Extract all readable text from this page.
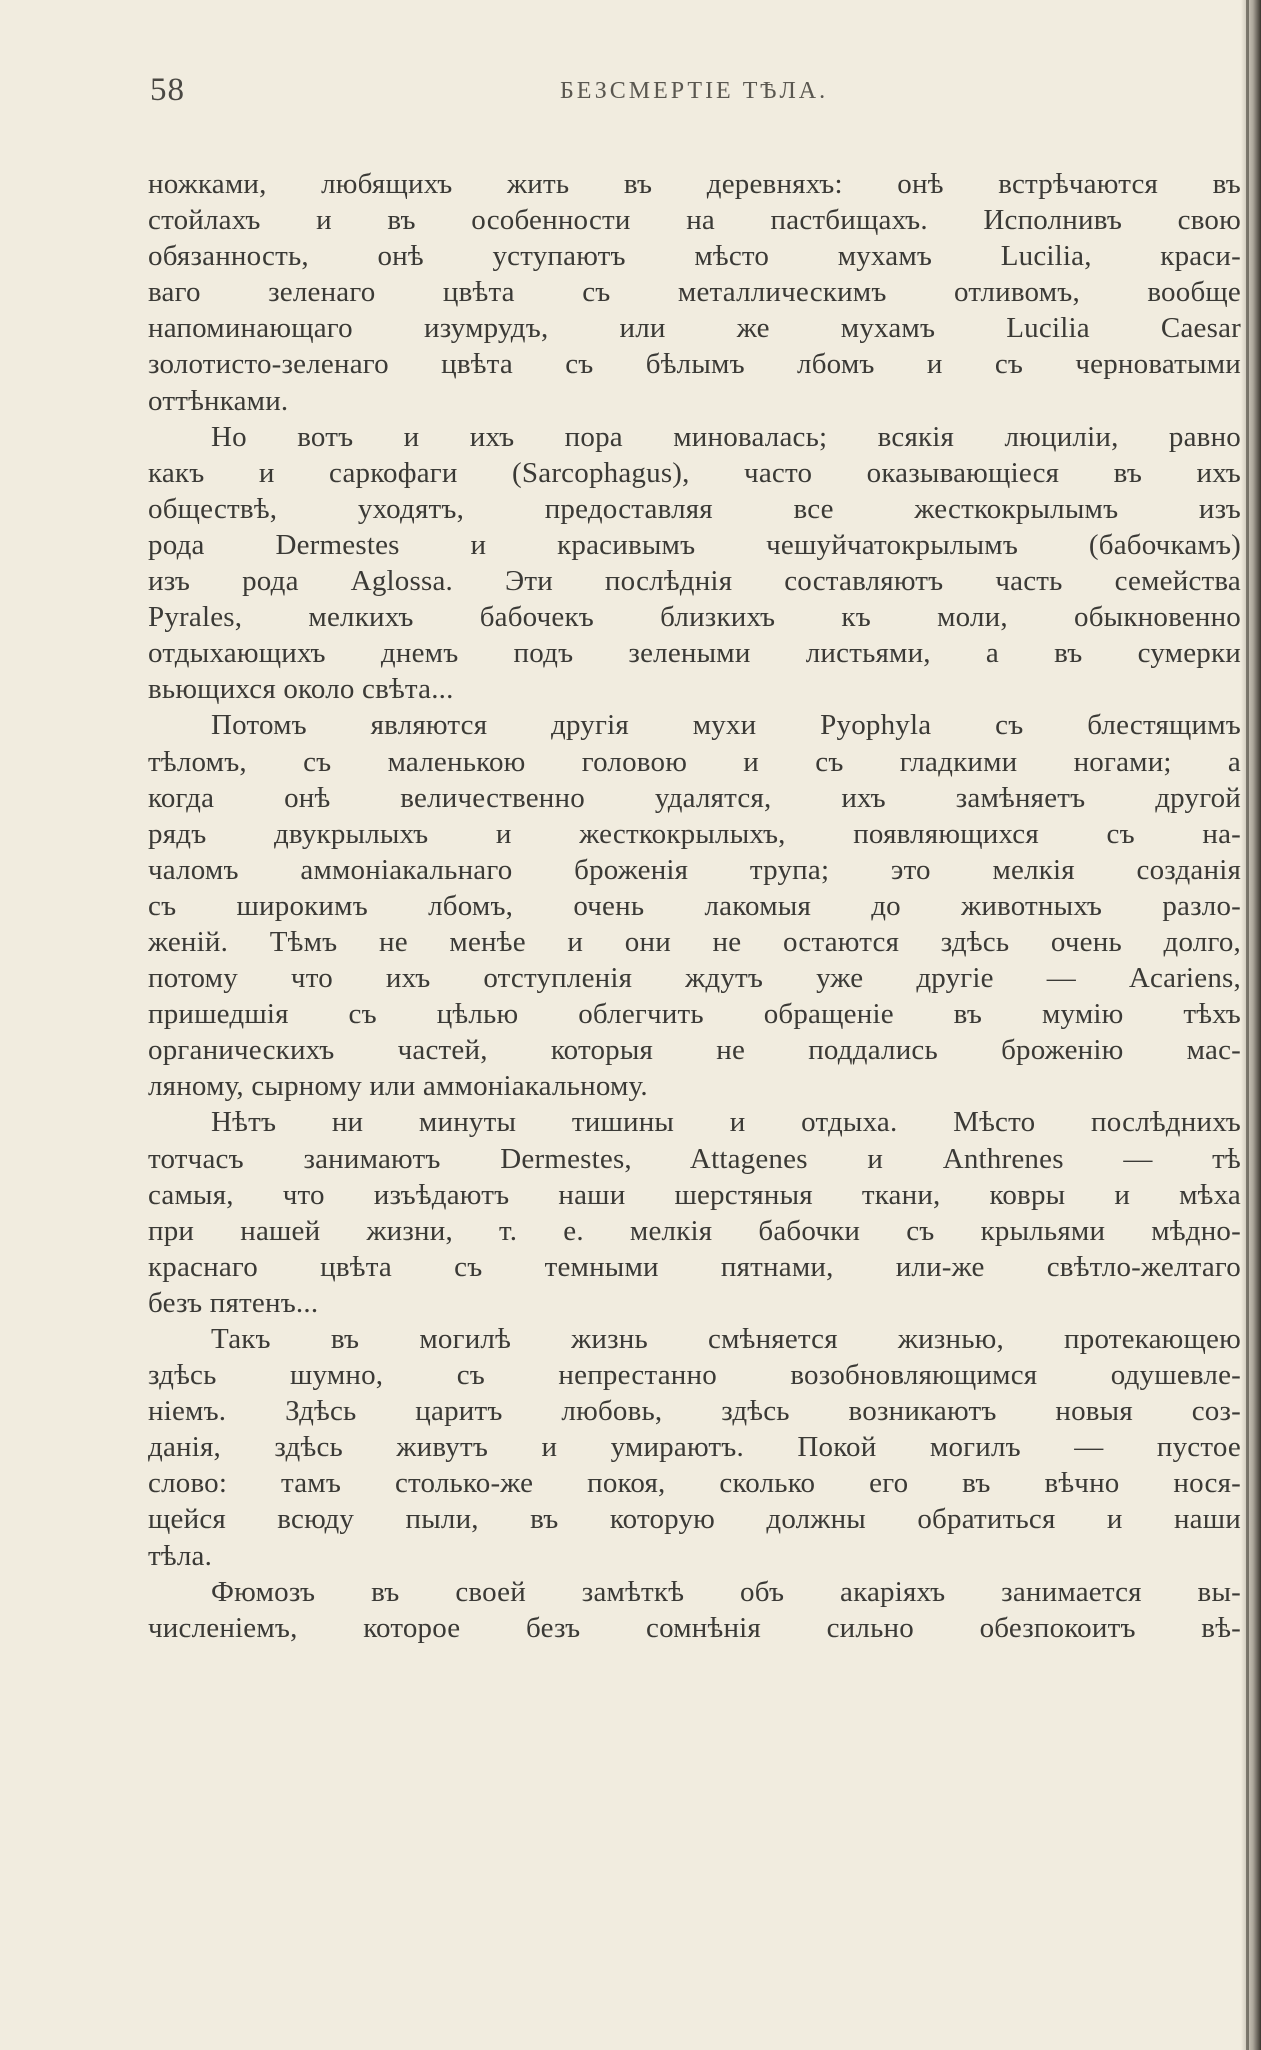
58	БЕЗСМЕРТІЕ ТѢЛА.
ножками, любящихъ жить въ деревняхъ: онѣ встрѣчаются въ
стойлахъ и въ особенности на пастбищахъ. Исполнивъ свою
обязанность, онѣ уступаютъ мѣсто мухамъ Lucilia, краси-
ваго зеленаго цвѣта съ металлическимъ отливомъ, вообще
напоминающаго изумрудъ, или же мухамъ Lucilia Caesar
золотисто-зеленаго цвѣта съ бѣлымъ лбомъ и съ черноватыми
оттѣнками.
Но вотъ и ихъ пора миновалась; всякія люциліи, равно
какъ и саркофаги (Sarcophagus), часто оказывающіеся въ ихъ
обществѣ, уходятъ, предоставляя все жесткокрылымъ изъ
рода Dermestes и красивымъ чешуйчатокрылымъ (бабочкамъ)
изъ рода Aglossa. Эти послѣднія составляютъ часть семейства
Pyrales, мелкихъ бабочекъ близкихъ къ моли, обыкновенно
отдыхающихъ днемъ подъ зелеными листьями, а въ сумерки
вьющихся около свѣта...
Потомъ являются другія мухи Pyophyla съ блестящимъ
тѣломъ, съ маленькою головою и съ гладкими ногами; а
когда онѣ величественно удалятся, ихъ замѣняетъ другой
рядъ двукрылыхъ и жесткокрылыхъ, появляющихся съ на-
чаломъ аммоніакальнаго броженія трупа; это мелкія созданія
съ широкимъ лбомъ, очень лакомыя до животныхъ разло-
женій. Тѣмъ не менѣе и они не остаются здѣсь очень долго,
потому что ихъ отступленія ждутъ уже другіе — Acariens,
пришедшія съ цѣлью облегчить обращеніе въ мумію тѣхъ
органическихъ частей, которыя не поддались броженію мас-
ляному, сырному или аммоніакальному.
Нѣтъ ни минуты тишины и отдыха. Мѣсто послѣднихъ
тотчасъ занимаютъ Dermestes, Attagenes и Anthrenes — тѣ
самыя, что изъѣдаютъ наши шерстяныя ткани, ковры и мѣха
при нашей жизни, т. е. мелкія бабочки съ крыльями мѣдно-
краснаго цвѣта съ темными пятнами, или-же свѣтло-желтаго
безъ пятенъ...
Такъ въ могилѣ жизнь смѣняется жизнью, протекающею
здѣсь шумно, съ непрестанно возобновляющимся одушевле-
ніемъ. Здѣсь царитъ любовь, здѣсь возникаютъ новыя соз-
данія, здѣсь живутъ и умираютъ. Покой могилъ — пустое
слово: тамъ столько-же покоя, сколько его въ вѣчно нося-
щейся всюду пыли, въ которую должны обратиться и наши
тѣла.
Фюмозъ въ своей замѣткѣ объ акаріяхъ занимается вы-
численіемъ, которое безъ сомнѣнія сильно обезпокоитъ вѣ-
